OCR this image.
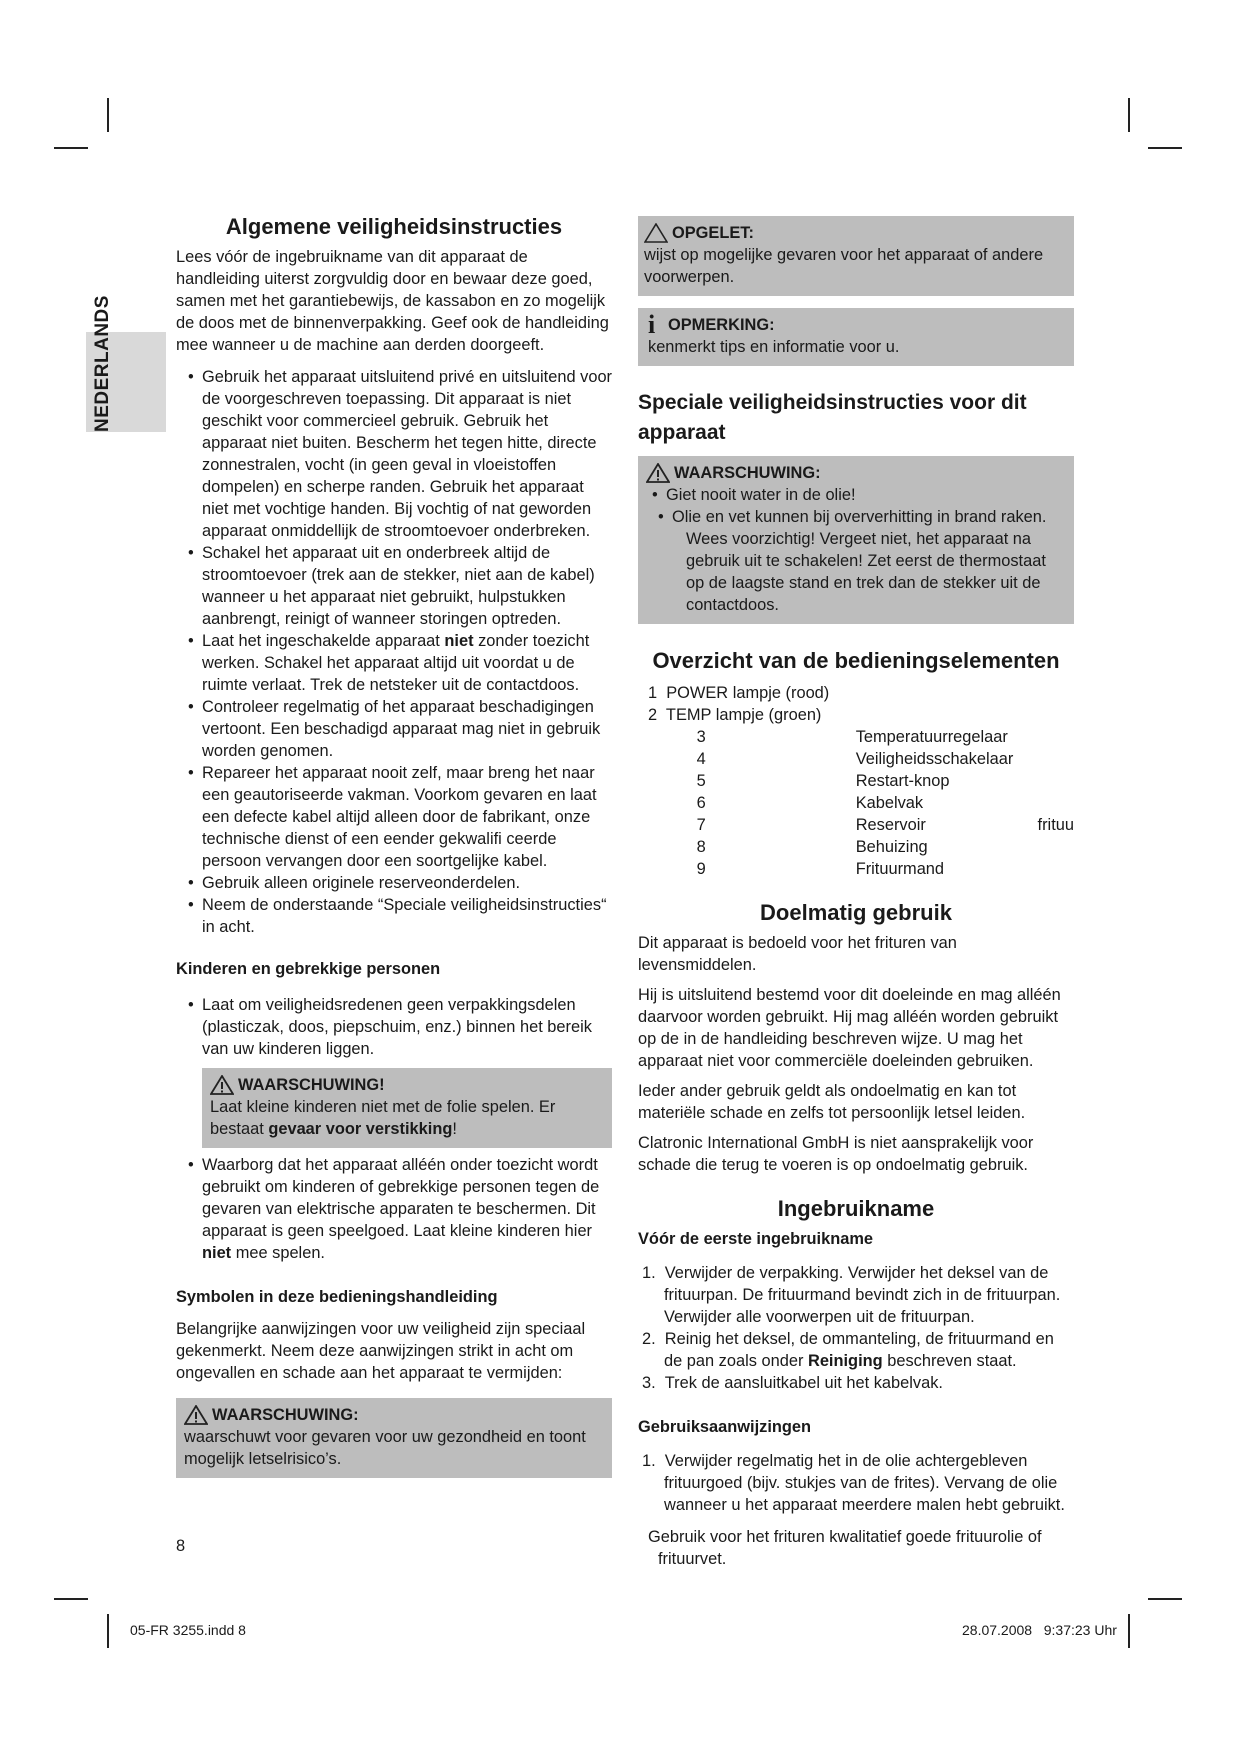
NEDERLANDS
Algemene veiligheidsinstructies

Lees vóór de ingebruikname van dit apparaat de handleiding uiterst zorgvuldig door en bewaar deze goed, samen met het garantiebewijs, de kassabon en zo mogelijk de doos met de binnenverpakking. Geef ook de handleiding mee wanneer u de machine aan derden doorgeeft.

• Gebruik het apparaat uitsluitend privé en uitsluitend voor de voorgeschreven toepassing. Dit apparaat is niet geschikt voor commercieel gebruik. Gebruik het apparaat niet buiten. Bescherm het tegen hitte, directe zonnestralen, vocht (in geen geval in vloeistoffen dompelen) en scherpe randen. Gebruik het apparaat niet met vochtige handen. Bij vochtig of nat geworden apparaat onmiddellijk de stroomtoevoer onderbreken.

• Schakel het apparaat uit en onderbreek altijd de stroomtoevoer (trek aan de stekker, niet aan de kabel) wanneer u het apparaat niet gebruikt, hulpstukken aanbrengt, reinigt of wanneer storingen optreden.

• Laat het ingeschakelde apparaat niet zonder toezicht werken. Schakel het apparaat altijd uit voordat u de ruimte verlaat. Trek de netsteker uit de contactdoos.

• Controleer regelmatig of het apparaat beschadigingen vertoont. Een beschadigd apparaat mag niet in gebruik worden genomen.

• Repareer het apparaat nooit zelf, maar breng het naar een geautoriseerde vakman. Voorkom gevaren en laat een defecte kabel altijd alleen door de fabrikant, onze technische dienst of een eender gekwalifi ceerde persoon vervangen door een soortgelijke kabel.

• Gebruik alleen originele reserveonderdelen.

• Neem de onderstaande “Speciale veiligheidsinstructies“ in acht.

Kinderen en gebrekkige personen

• Laat om veiligheidsredenen geen verpakkingsdelen (plasticzak, doos, piepschuim, enz.) binnen het bereik van uw kinderen liggen.

WAARSCHUWING!

Laat kleine kinderen niet met de folie spelen. Er bestaat gevaar voor verstikking!

• Waarborg dat het apparaat alléén onder toezicht wordt gebruikt om kinderen of gebrekkige personen tegen de gevaren van elektrische apparaten te beschermen. Dit apparaat is geen speelgoed. Laat kleine kinderen hier niet mee spelen.

Symbolen in deze bedieningshandleiding

Belangrijke aanwijzingen voor uw veiligheid zijn speciaal gekenmerkt. Neem deze aanwijzingen strikt in acht om ongevallen en schade aan het apparaat te vermijden:

WAARSCHUWING:

waarschuwt voor gevaren voor uw gezondheid en toont mogelijk letselrisico’s.

8
OPGELET:

wijst op mogelijke gevaren voor het apparaat of andere voorwerpen.

i OPMERKING:

kenmerkt tips en informatie voor u.

Speciale veiligheidsinstructies voor dit apparaat
WAARSCHUWING:

• Giet nooit water in de olie!

• Olie en vet kunnen bij oververhitting in brand raken. Wees voorzichtig! Vergeet niet, het apparaat na gebruik uit te schakelen! Zet eerst de thermostaat op de laagste stand en trek dan de stekker uit de contactdoos.

Overzicht van de bedieningselementen

1  POWER lampje (rood)

2  TEMP lampje (groen)

3	Temperatuurregelaar	
4	Veiligheidsschakelaar	
5	Restart-knop	
6	Kabelvak	
7	Reservoir	frituu
8	Behuizing	
9	Frituurmand	
Doelmatig gebruik

Dit apparaat is bedoeld voor het frituren van levensmiddelen.

Hij is uitsluitend bestemd voor dit doeleinde en mag alléén daarvoor worden gebruikt. Hij mag alléén worden gebruikt op de in de handleiding beschreven wijze. U mag het apparaat niet voor commerciële doeleinden gebruiken.

Ieder ander gebruik geldt als ondoelmatig en kan tot materiële schade en zelfs tot persoonlijk letsel leiden.

Clatronic International GmbH is niet aansprakelijk voor schade die terug te voeren is op ondoelmatig gebruik.

Ingebruikname
Vóór de eerste ingebruikname

1.  Verwijder de verpakking. Verwijder het deksel van de frituurpan. De frituurmand bevindt zich in de frituurpan. Verwijder alle voorwerpen uit de frituurpan.

2.  Reinig het deksel, de ommanteling, de frituurmand en de pan zoals onder Reiniging beschreven staat.

3.  Trek de aansluitkabel uit het kabelvak.

Gebruiksaanwijzingen

1.  Verwijder regelmatig het in de olie achtergebleven frituurgoed (bijv. stukjes van de frites). Vervang de olie wanneer u het apparaat meerdere malen hebt gebruikt.

Gebruik voor het frituren kwalitatief goede frituurolie of frituurvet.

05-FR 3255.indd 8	28.07.2008   9:37:23 Uhr
